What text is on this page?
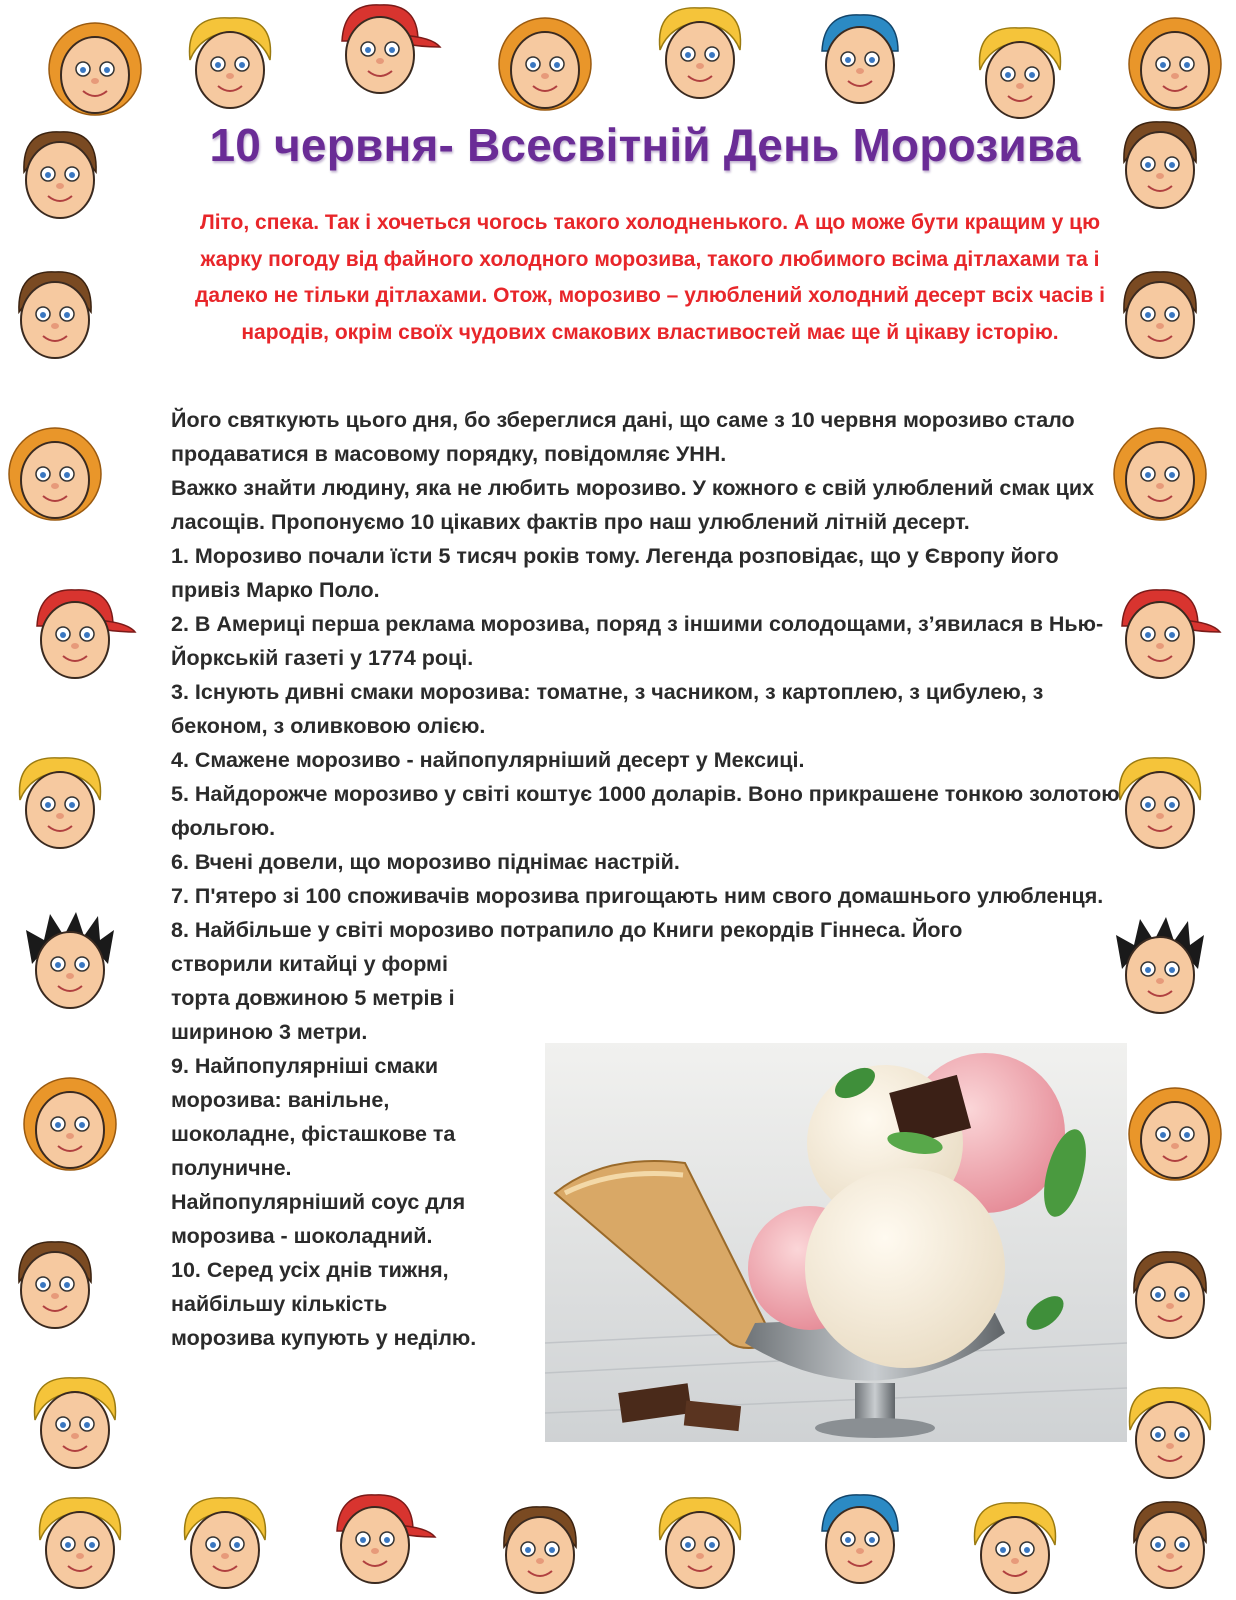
10 червня- Всесвітній День Морозива
Літо, спека. Так і хочеться чогось такого холодненького. А що може бути кращим у цю жарку погоду від файного холодного морозива, такого любимого всіма дітлахами та і далеко не тільки дітлахами. Отож, морозиво – улюблений холодний десерт всіх часів і народів, окрім своїх чудових смакових властивостей має ще й цікаву історію.

Його святкують цього дня, бо збереглися дані, що саме з 10 червня морозиво стало продаватися в масовому порядку, повідомляє УНН.

Важко знайти людину, яка не любить морозиво. У кожного є свій улюблений смак цих ласощів. Пропонуємо 10 цікавих фактів про наш улюблений літній десерт.

1. Морозиво почали їсти 5 тисяч років тому. Легенда розповідає, що у Європу його привіз Марко Поло.

2. В Америці перша реклама морозива, поряд з іншими солодощами, з’явилася в Нью-Йоркській газеті у 1774 році.

3. Існують дивні смаки морозива: томатне, з часником, з картоплею, з цибулею, з беконом, з оливковою олією.

4. Смажене морозиво - найпопулярніший десерт у Мексиці.

5. Найдорожче морозиво у світі коштує 1000 доларів. Воно прикрашене тонкою золотою фольгою.

6. Вчені довели, що морозиво піднімає настрій.

7. П'ятеро зі 100 споживачів морозива пригощають ним свого домашнього улюбленця.

8. Найбільше у світі морозиво потрапило до Книги рекордів Гіннеса. Його

створили китайці у формі

торта довжиною 5 метрів і

шириною 3 метри.

9. Найпопулярніші смаки

морозива: ванільне,

шоколадне, фісташкове та

полуничне.

Найпопулярніший соус для

морозива - шоколадний.

10. Серед усіх днів тижня,

найбільшу кількість

морозива купують у неділю.
